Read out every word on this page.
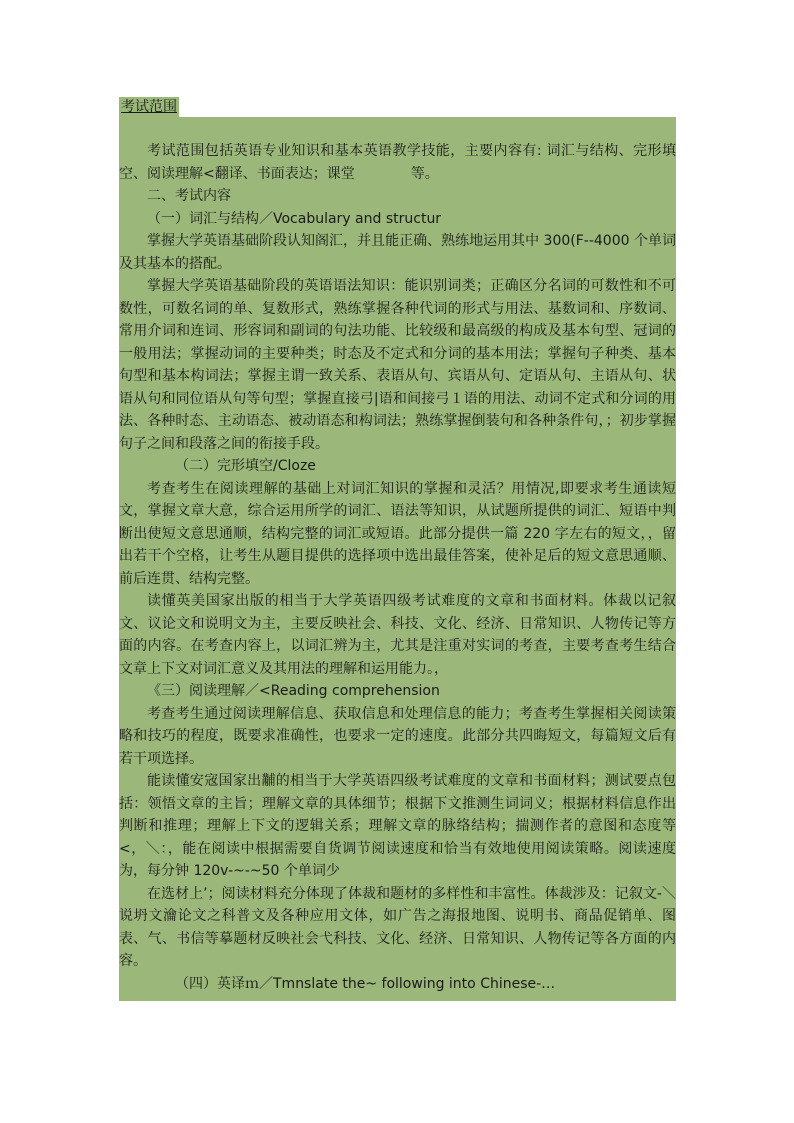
考试范围

考试范围包括英语专业知识和基本英语教学技能，主要内容有: 词汇与结构、完形填空、阅读理解<翻译、书面表达；课堂　　　　等。

二、考试内容

（一）词汇与结构／Vocabulary and structur

掌握大学英语基础阶段认知阁汇，并且能正确、熟练地运用其中 300(F--4000 个单词及其基本的搭配。

掌握大学英语基础阶段的英语语法知识：能识别词类；正确区分名词的可数性和不可数性，可数名词的单、复数形式，熟练掌握各种代词的形式与用法、基数词和、序数词、常用介词和连词、形容词和副词的句法功能、比较级和最高级的构成及基本句型、冠词的一般用法；掌握动词的主要种类；时态及不定式和分词的基本用法；掌握句子种类、基本句型和基本构词法；掌握主谓一致关系、表语从句、宾语从句、定语从句、主语从句、状语从句和同位语从句等句型；掌握直接弓|语和间接弓１语的用法、动词不定式和分词的用法、各种时态、主动语态、被动语态和构词法；熟练掌握倒装句和各种条件句，；初步掌握句子之间和段落之间的衔接手段。

（二）完形填空/Cloze

考查考生在阅读理解的基础上对词汇知识的掌握和灵活？用情况,即要求考生通读短文，掌握文章大意，综合运用所学的词汇、语法等知识，从试题所提供的词汇、短语中判断出使短文意思通顺，结构完整的词汇或短语。此部分提供一篇 220 字左右的短文，，留出若干个空格，让考生从题目提供的选择项中选出最佳答案，使补足后的短文意思通顺、前后连贯、结构完整。

读懂英美国家出版的相当于大学英语四级考试难度的文章和书面材料。体裁以记叙文、议论文和说明文为主，主要反映社会、科技、文化、经济、日常知识、人物传记等方面的内容。在考查内容上，以词汇辨为主，尤其是注重对实词的考查，主要考查考生结合文章上下文对词汇意义及其用法的理解和运用能力。，

《三）阅读理解／<Reading comprehension

考查考生通过阅读理解信息、获取信息和处理信息的能力；考查考生掌握相关阅读策略和技巧的程度，既要求准确性，也要求一定的速度。此部分共四晦短文，每篇短文后有若干项选择。

能读懂安宼国家出黼的相当于大学英语四级考试难度的文章和书面材料；测试要点包括：领悟文章的主旨；理解文章的具体细节；根据下文推测生词词义；根据材料信息作出判断和推理；理解上下文的逻辑关系；理解文章的脉络结构；揣测作者的意图和态度等<，＼：，能在阅读中根据需要自货调节阅读速度和恰当有效地使用阅读策略。阅读速度为，每分钟 120v-~-~50 个单词少

在选材上’；阅读材料充分体现了体裁和题材的多样性和丰富性。体裁涉及：记叙文-＼说坍文瀹论文之科普文及各种应用文体，如广告之海报地图、说明书、商品促销单、图表、气、书信等摹题材反映社会弋科技、文化、经济、日常知识、人物传记等各方面的内容。

（四）英译ｍ／Tmnslate the~ following into Chinese-…
